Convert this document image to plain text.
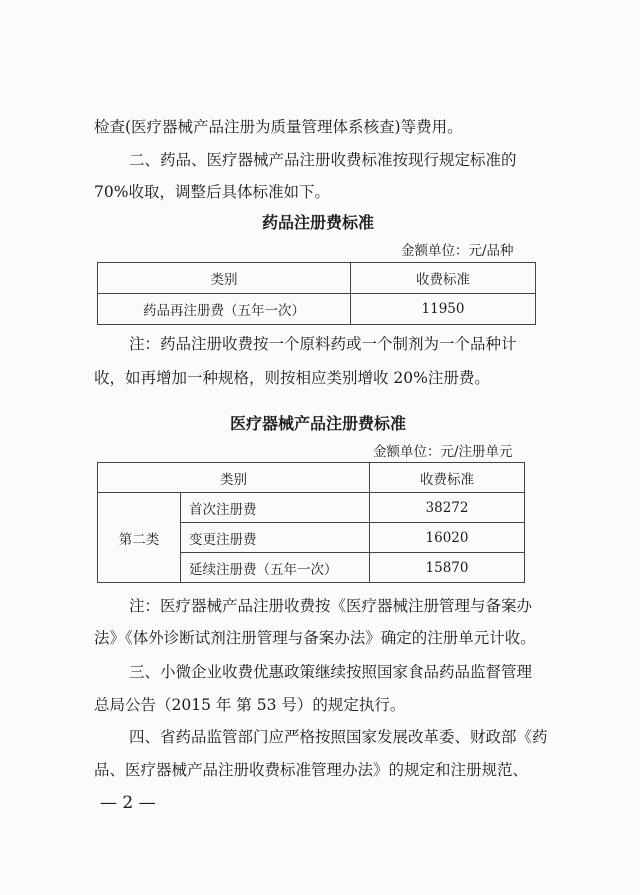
检查(医疗器械产品注册为质量管理体系核查)等费用。
二、药品、医疗器械产品注册收费标准按现行规定标准的
70%收取，调整后具体标准如下。
药品注册费标准
金额单位：元/品种
类别	收费标准
药品再注册费（五年一次）	11950
注：药品注册收费按一个原料药或一个制剂为一个品种计
收，如再增加一种规格，则按相应类别增收 20%注册费。
医疗器械产品注册费标准
金额单位：元/注册单元
类别		收费标准
第二类	首次注册费	38272
	变更注册费	16020
	延续注册费（五年一次）	15870
注：医疗器械产品注册收费按《医疗器械注册管理与备案办
法》《体外诊断试剂注册管理与备案办法》确定的注册单元计收。
三、小微企业收费优惠政策继续按照国家食品药品监督管理
总局公告（2015 年 第 53 号）的规定执行。
四、省药品监管部门应严格按照国家发展改革委、财政部《药
品、医疗器械产品注册收费标准管理办法》的规定和注册规范、
— 2 —
